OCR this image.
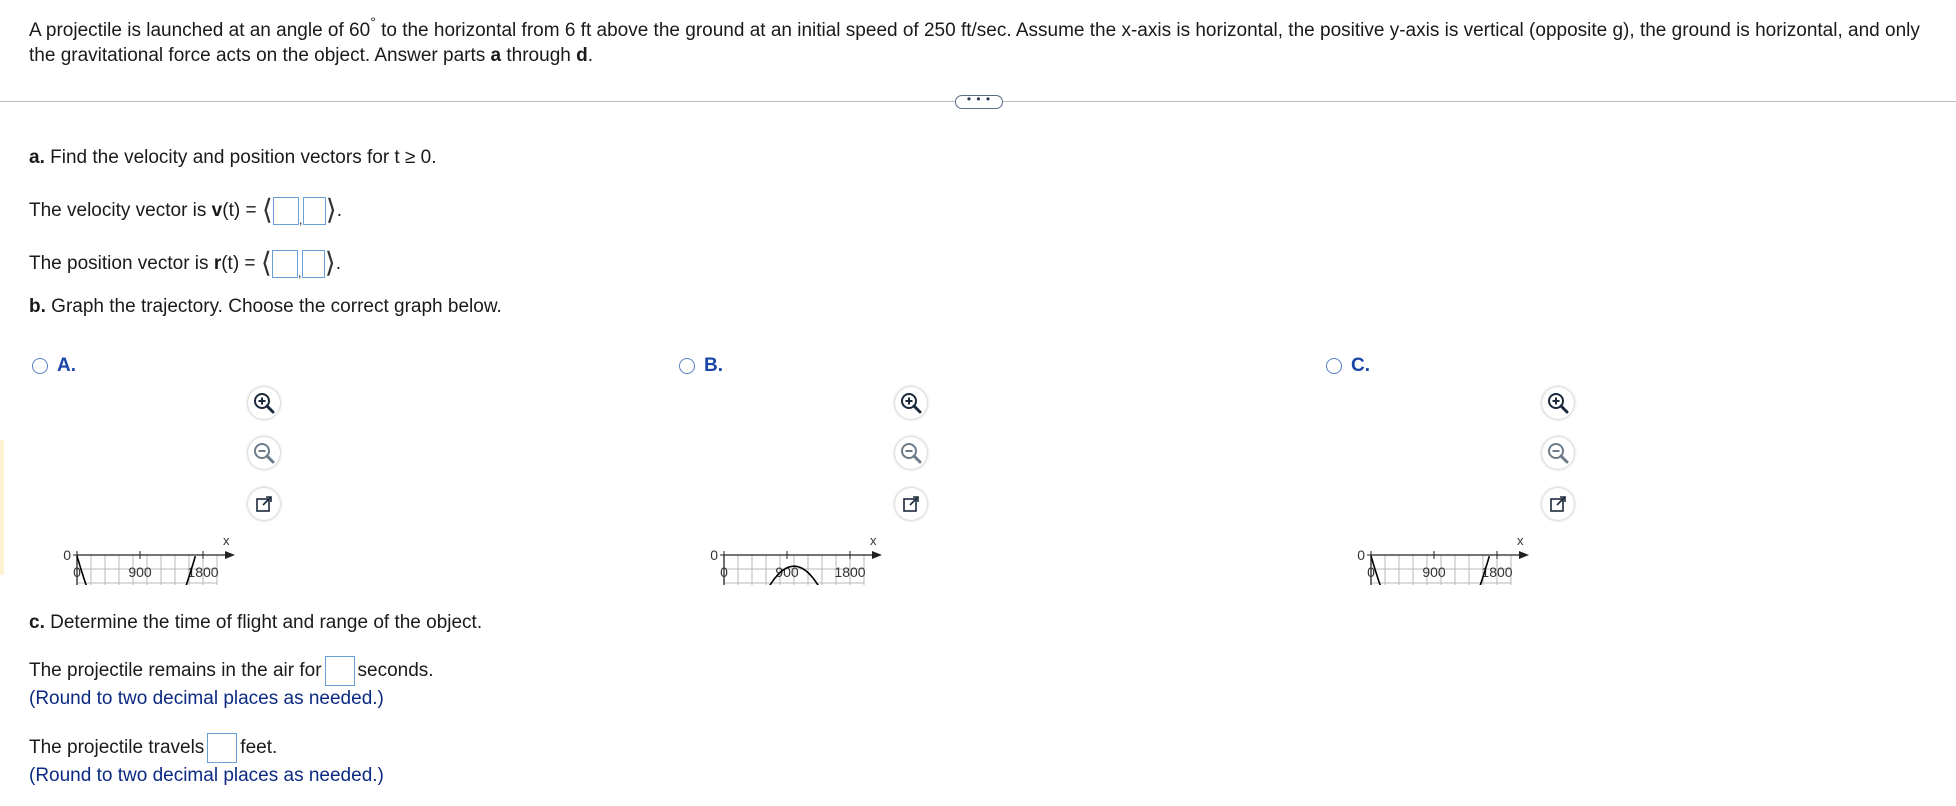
A projectile is launched at an angle of 60° to the horizontal from 6 ft above the ground at an initial speed of 250 ft/sec. Assume the x-axis is horizontal, the positive y-axis is vertical (opposite g), the ground is horizontal, and only the gravitational force acts on the object. Answer parts a through d.
• • •
a. Find the velocity and position vectors for t ≥ 0.
The velocity vector is v(t) = ⟨ , ⟩.
The position vector is r(t) = ⟨ , ⟩.
b. Graph the trajectory. Choose the correct graph below.
A.
0
0	900	1800
x
B.
0
0	900	1800
x
C.
0
0	900	1800
x
c. Determine the time of flight and range of the object.
The projectile remains in the air for seconds.
(Round to two decimal places as needed.)
The projectile travels feet.
(Round to two decimal places as needed.)
